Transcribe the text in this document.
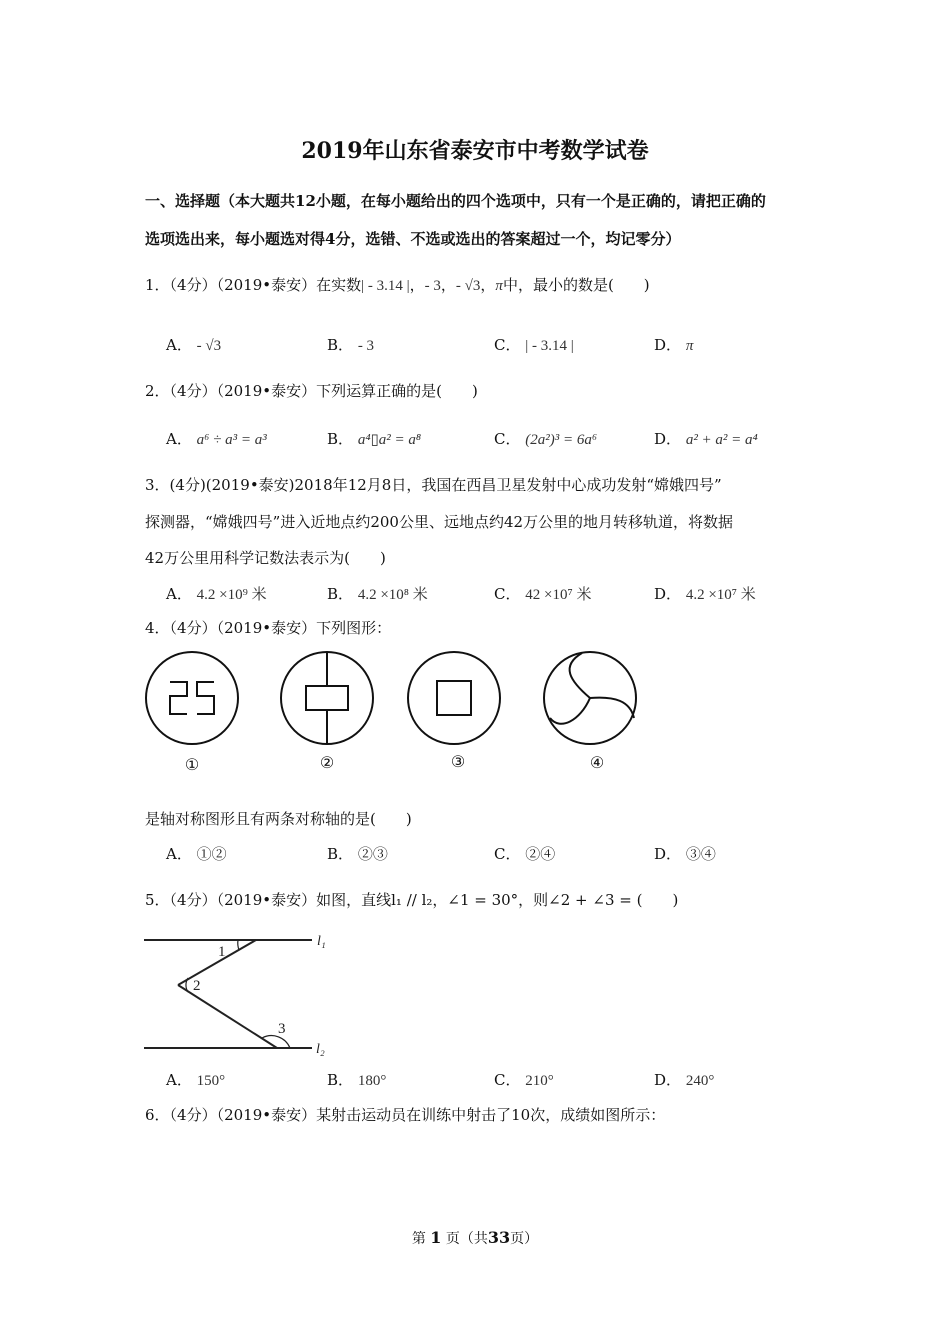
2019年山东省泰安市中考数学试卷
一、选择题（本大题共12小题，在每小题给出的四个选项中，只有一个是正确的，请把正确的
选项选出来，每小题选对得4分，选错、不选或选出的答案超过一个，均记零分）
1．（4分）（2019•泰安）在实数| - 3.14 |，- 3，- √3，π中，最小的数是(　　)
A． - √3	B． - 3	C． | - 3.14 |	D． π
2．（4分）（2019•泰安）下列运算正确的是(　　)
A． a⁶ ÷ a³ = a³	B． a⁴▯a² = a⁸	C． (2a²)³ = 6a⁶	D． a² + a² = a⁴
3．(4分)(2019•泰安)2018年12月8日，我国在西昌卫星发射中心成功发射“嫦娥四号”
探测器，“嫦娥四号”进入近地点约200公里、远地点约42万公里的地月转移轨道，将数据
42万公里用科学记数法表示为(　　)
A． 4.2 ×10⁹ 米	B． 4.2 ×10⁸ 米	C． 42 ×10⁷ 米	D． 4.2 ×10⁷ 米
4．（4分）（2019•泰安）下列图形：
①	②	③	④
是轴对称图形且有两条对称轴的是(　　)
A． ①②	B． ②③	C． ②④	D． ③④
5．（4分）（2019•泰安）如图，直线l₁ // l₂，∠1 = 30°，则∠2 + ∠3 = (　　)
1
2
3
l₁
l₂
A． 150°	B． 180°	C． 210°	D． 240°
6．（4分）（2019•泰安）某射击运动员在训练中射击了10次，成绩如图所示：
第 1 页（共33页）
